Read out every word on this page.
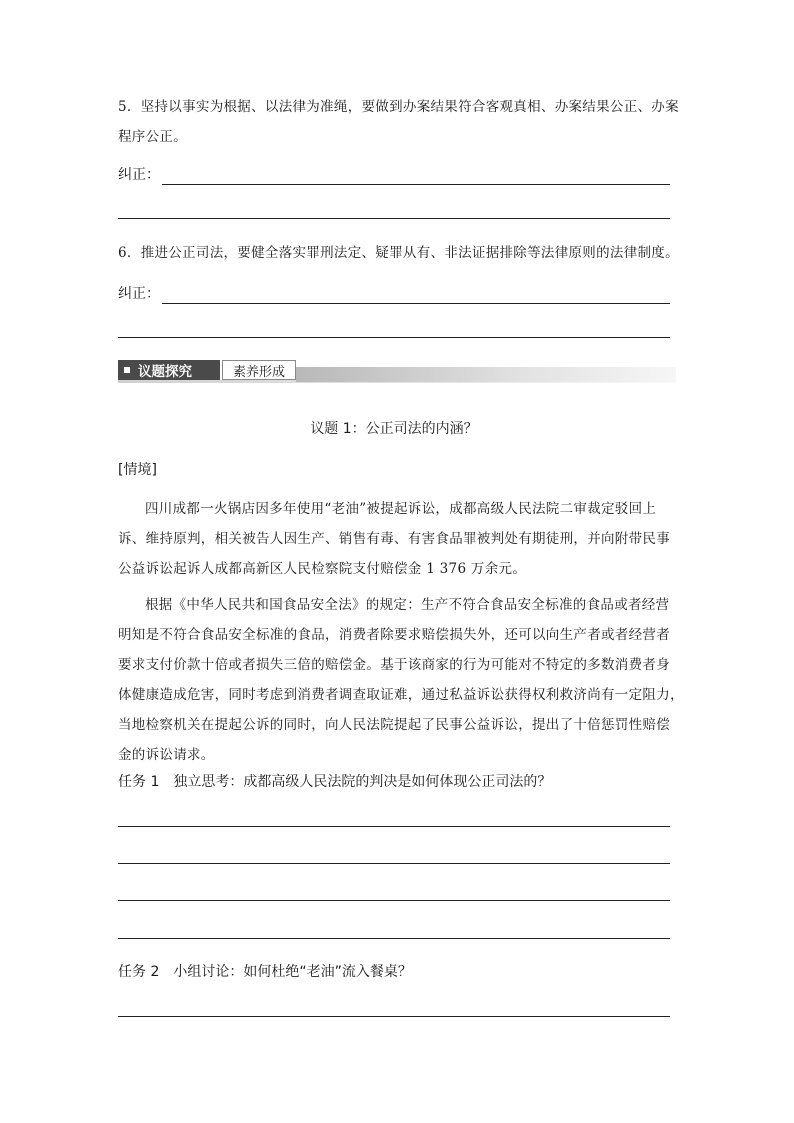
5．坚持以事实为根据、以法律为准绳，要做到办案结果符合客观真相、办案结果公正、办案
程序公正。
纠正：
6．推进公正司法，要健全落实罪刑法定、疑罪从有、非法证据排除等法律原则的法律制度。
纠正：
议题探究	素养形成
议题 1：公正司法的内涵？
[情境]
四川成都一火锅店因多年使用“老油”被提起诉讼，成都高级人民法院二审裁定驳回上
诉、维持原判，相关被告人因生产、销售有毒、有害食品罪被判处有期徒刑，并向附带民事
公益诉讼起诉人成都高新区人民检察院支付赔偿金 1 376 万余元。
根据《中华人民共和国食品安全法》的规定：生产不符合食品安全标准的食品或者经营
明知是不符合食品安全标准的食品，消费者除要求赔偿损失外，还可以向生产者或者经营者
要求支付价款十倍或者损失三倍的赔偿金。基于该商家的行为可能对不特定的多数消费者身
体健康造成危害，同时考虑到消费者调查取证难，通过私益诉讼获得权利救济尚有一定阻力，
当地检察机关在提起公诉的同时，向人民法院提起了民事公益诉讼，提出了十倍惩罚性赔偿
金的诉讼请求。
任务 1　独立思考：成都高级人民法院的判决是如何体现公正司法的？
任务 2　小组讨论：如何杜绝“老油”流入餐桌？
